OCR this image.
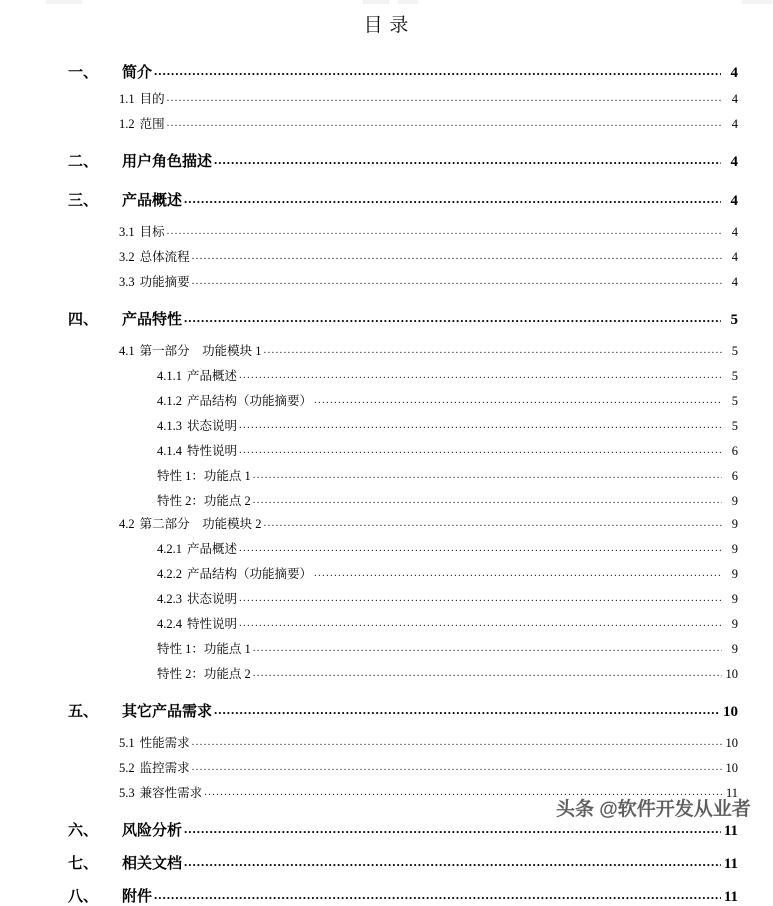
目 录
一、	简介 .....	4
1.1 目的 .....	4
1.2 范围 .....	4
二、	用户角色描述 .....	4
三、	产品概述 .....	4
3.1 目标 .....	4
3.2 总体流程 .....	4
3.3 功能摘要 .....	4
四、	产品特性 .....	5
4.1 第一部分　功能模块 1 .....	5
4.1.1 产品概述 .....	5
4.1.2 产品结构（功能摘要） .....	5
4.1.3 状态说明 .....	5
4.1.4 特性说明 .....	6
特性 1：功能点 1 .....	6
特性 2：功能点 2 .....	9
4.2 第二部分　功能模块 2 .....	9
4.2.1 产品概述 .....	9
4.2.2 产品结构（功能摘要） .....	9
4.2.3 状态说明 .....	9
4.2.4 特性说明 .....	9
特性 1：功能点 1 .....	9
特性 2：功能点 2 .....	10
五、	其它产品需求 .....	10
5.1 性能需求 .....	10
5.2 监控需求 .....	10
5.3 兼容性需求 .....	11
六、	风险分析 .....	11
七、	相关文档 .....	11
八、	附件 .....	11
头条 @软件开发从业者
